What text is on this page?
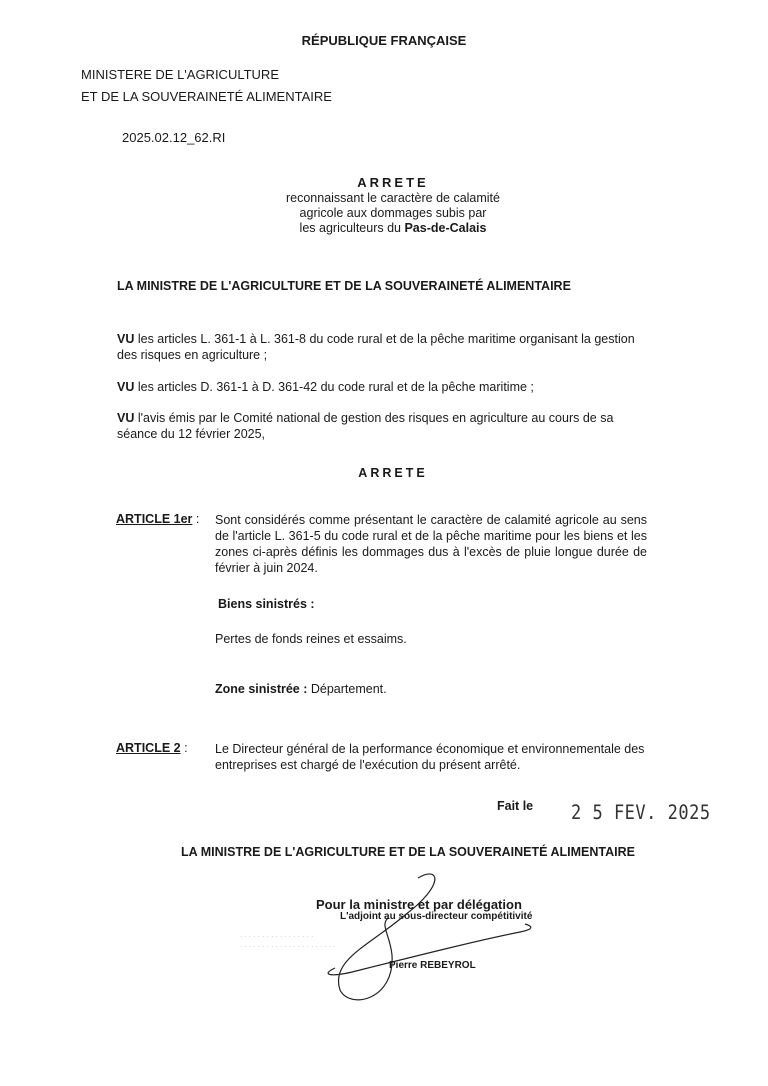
RÉPUBLIQUE FRANÇAISE
MINISTERE DE L'AGRICULTURE
ET DE LA SOUVERAINETÉ ALIMENTAIRE
2025.02.12_62.RI
ARRETE
reconnaissant le caractère de calamité
agricole aux dommages subis par
les agriculteurs du Pas-de-Calais
LA MINISTRE DE L'AGRICULTURE ET DE LA SOUVERAINETÉ ALIMENTAIRE
VU les articles L. 361-1 à L. 361-8 du code rural et de la pêche maritime organisant la gestion des risques en agriculture ;
VU les articles D. 361-1 à D. 361-42 du code rural et de la pêche maritime ;
VU l'avis émis par le Comité national de gestion des risques en agriculture au cours de sa séance du 12 février 2025,
ARRETE
ARTICLE 1er : Sont considérés comme présentant le caractère de calamité agricole au sens de l'article L. 361-5 du code rural et de la pêche maritime pour les biens et les zones ci-après définis les dommages dus à l'excès de pluie longue durée de février à juin 2024.
Biens sinistrés :
Pertes de fonds reines et essaims.
Zone sinistrée : Département.
ARTICLE 2 : Le Directeur général de la performance économique et environnementale des entreprises est chargé de l'exécution du présent arrêté.
Fait le 2 5 FEV. 2025
LA MINISTRE DE L'AGRICULTURE ET DE LA SOUVERAINETÉ ALIMENTAIRE
​. . . . . . . . . . . . . . . . .
. . . . . . . . . . . . . . . . . . . . . .
Pour la ministre et par délégation
L'adjoint au sous-directeur compétitivité
Pierre REBEYROL
